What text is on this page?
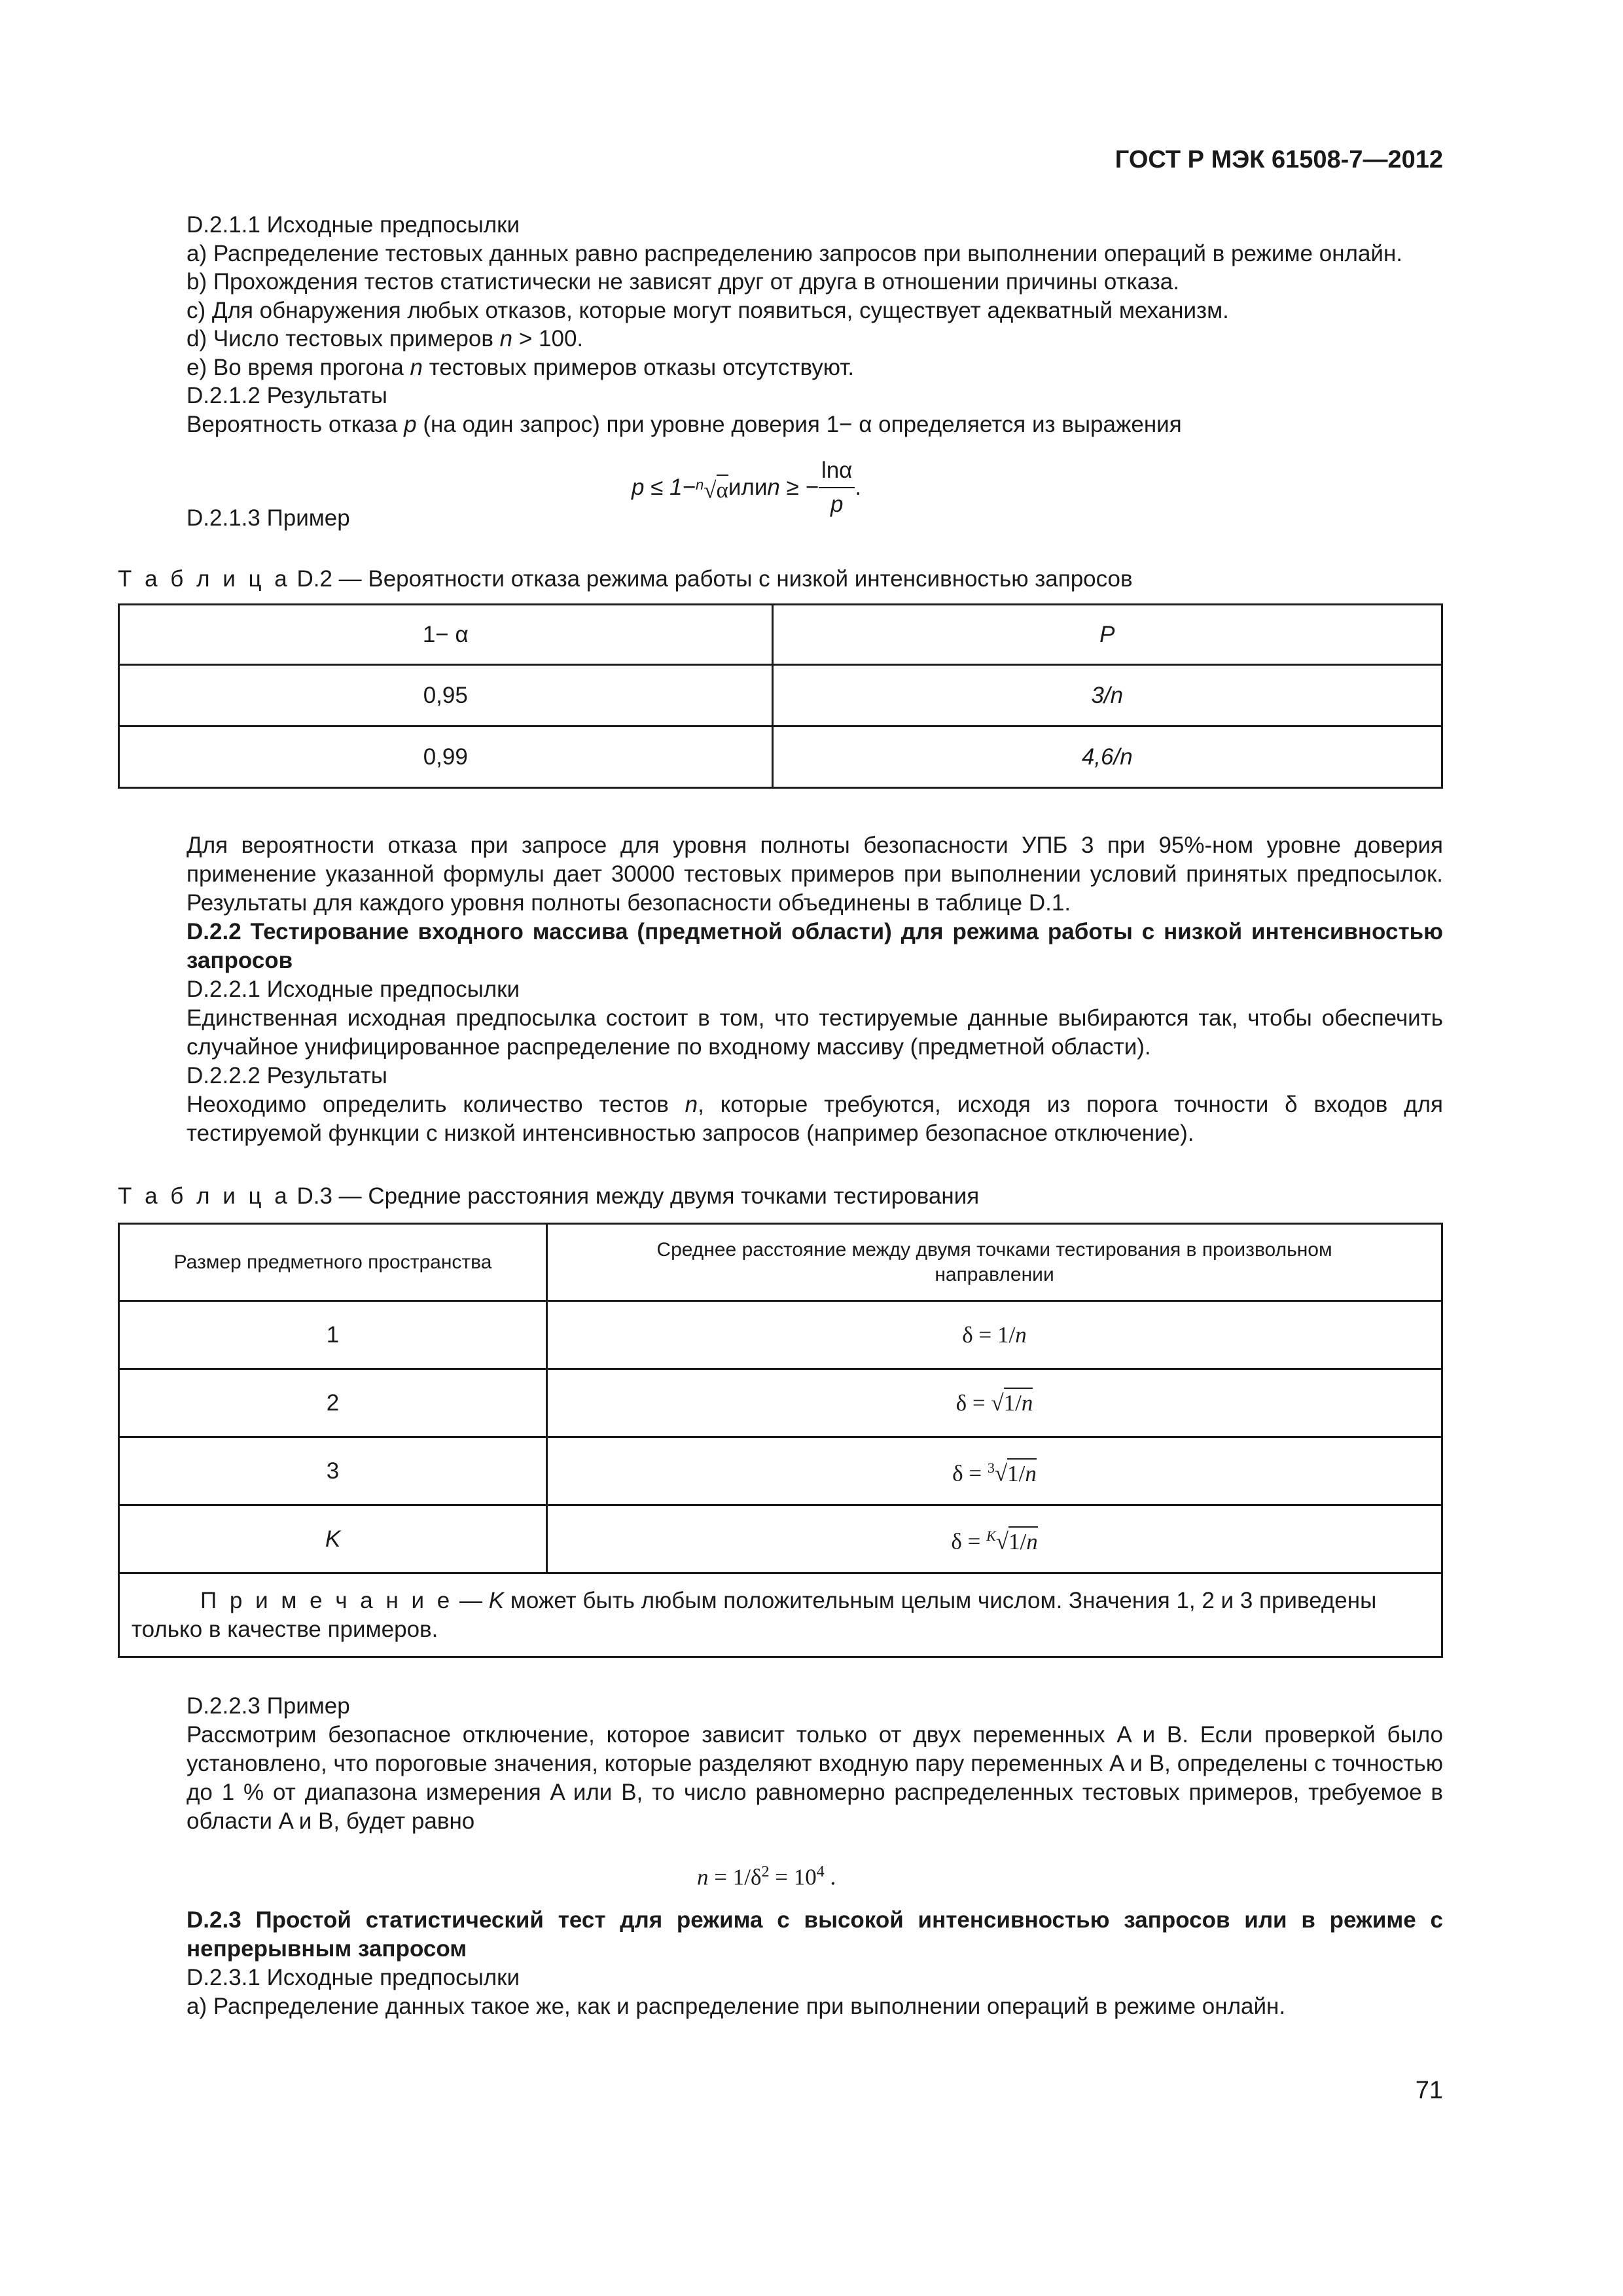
ГОСТ Р МЭК 61508-7—2012
D.2.1.1 Исходные предпосылки
a) Распределение тестовых данных равно распределению запросов при выполнении операций в режиме онлайн.
b) Прохождения тестов статистически не зависят друг от друга в отношении причины отказа.
c) Для обнаружения любых отказов, которые могут появиться, существует адекватный механизм.
d) Число тестовых примеров n > 100.
e) Во время прогона n тестовых примеров отказы отсутствуют.
D.2.1.2 Результаты
Вероятность отказа p (на один запрос) при уровне доверия 1− α определяется из выражения
p ≤ 1− $^n$√α или n ≥ − $\frac{\ln\alpha}{p}$ .
D.2.1.3 Пример
Т а б л и ц а D.2 — Вероятности отказа режима работы с низкой интенсивностью запросов
1− α	P
0,95	3/n
0,99	4,6/n
Для вероятности отказа при запросе для уровня полноты безопасности УПБ 3 при 95%-ном уровне доверия применение указанной формулы дает 30000 тестовых примеров при выполнении условий принятых предпосылок. Результаты для каждого уровня полноты безопасности объединены в таблице D.1.
D.2.2 Тестирование входного массива (предметной области) для режима работы с низкой интенсивностью запросов
D.2.2.1 Исходные предпосылки
Единственная исходная предпосылка состоит в том, что тестируемые данные выбираются так, чтобы обеспечить случайное унифицированное распределение по входному массиву (предметной области).
D.2.2.2 Результаты
Неоходимо определить количество тестов n, которые требуются, исходя из порога точности δ входов для тестируемой функции с низкой интенсивностью запросов (например безопасное отключение).
Т а б л и ц а D.3 — Средние расстояния между двумя точками тестирования
Размер предметного пространства	Среднее расстояние между двумя точками тестирования в произвольном направлении
1	δ = 1/n
2	δ = √1/n
3	δ = $^3$√1/n
K	δ = $^K$√1/n
П р и м е ч а н и е — K может быть любым положительным целым числом. Значения 1, 2 и 3 приведены только в качестве примеров.	
D.2.2.3 Пример
Рассмотрим безопасное отключение, которое зависит только от двух переменных A и B. Если проверкой было установлено, что пороговые значения, которые разделяют входную пару переменных A и B, определены с точностью до 1 % от диапазона измерения A или B, то число равномерно распределенных тестовых примеров, требуемое в области A и B, будет равно
$n = 1/\delta^2 = 10^4$ .
D.2.3 Простой статистический тест для режима с высокой интенсивностью запросов или в режиме с непрерывным запросом
D.2.3.1 Исходные предпосылки
a) Распределение данных такое же, как и распределение при выполнении операций в режиме онлайн.
71
